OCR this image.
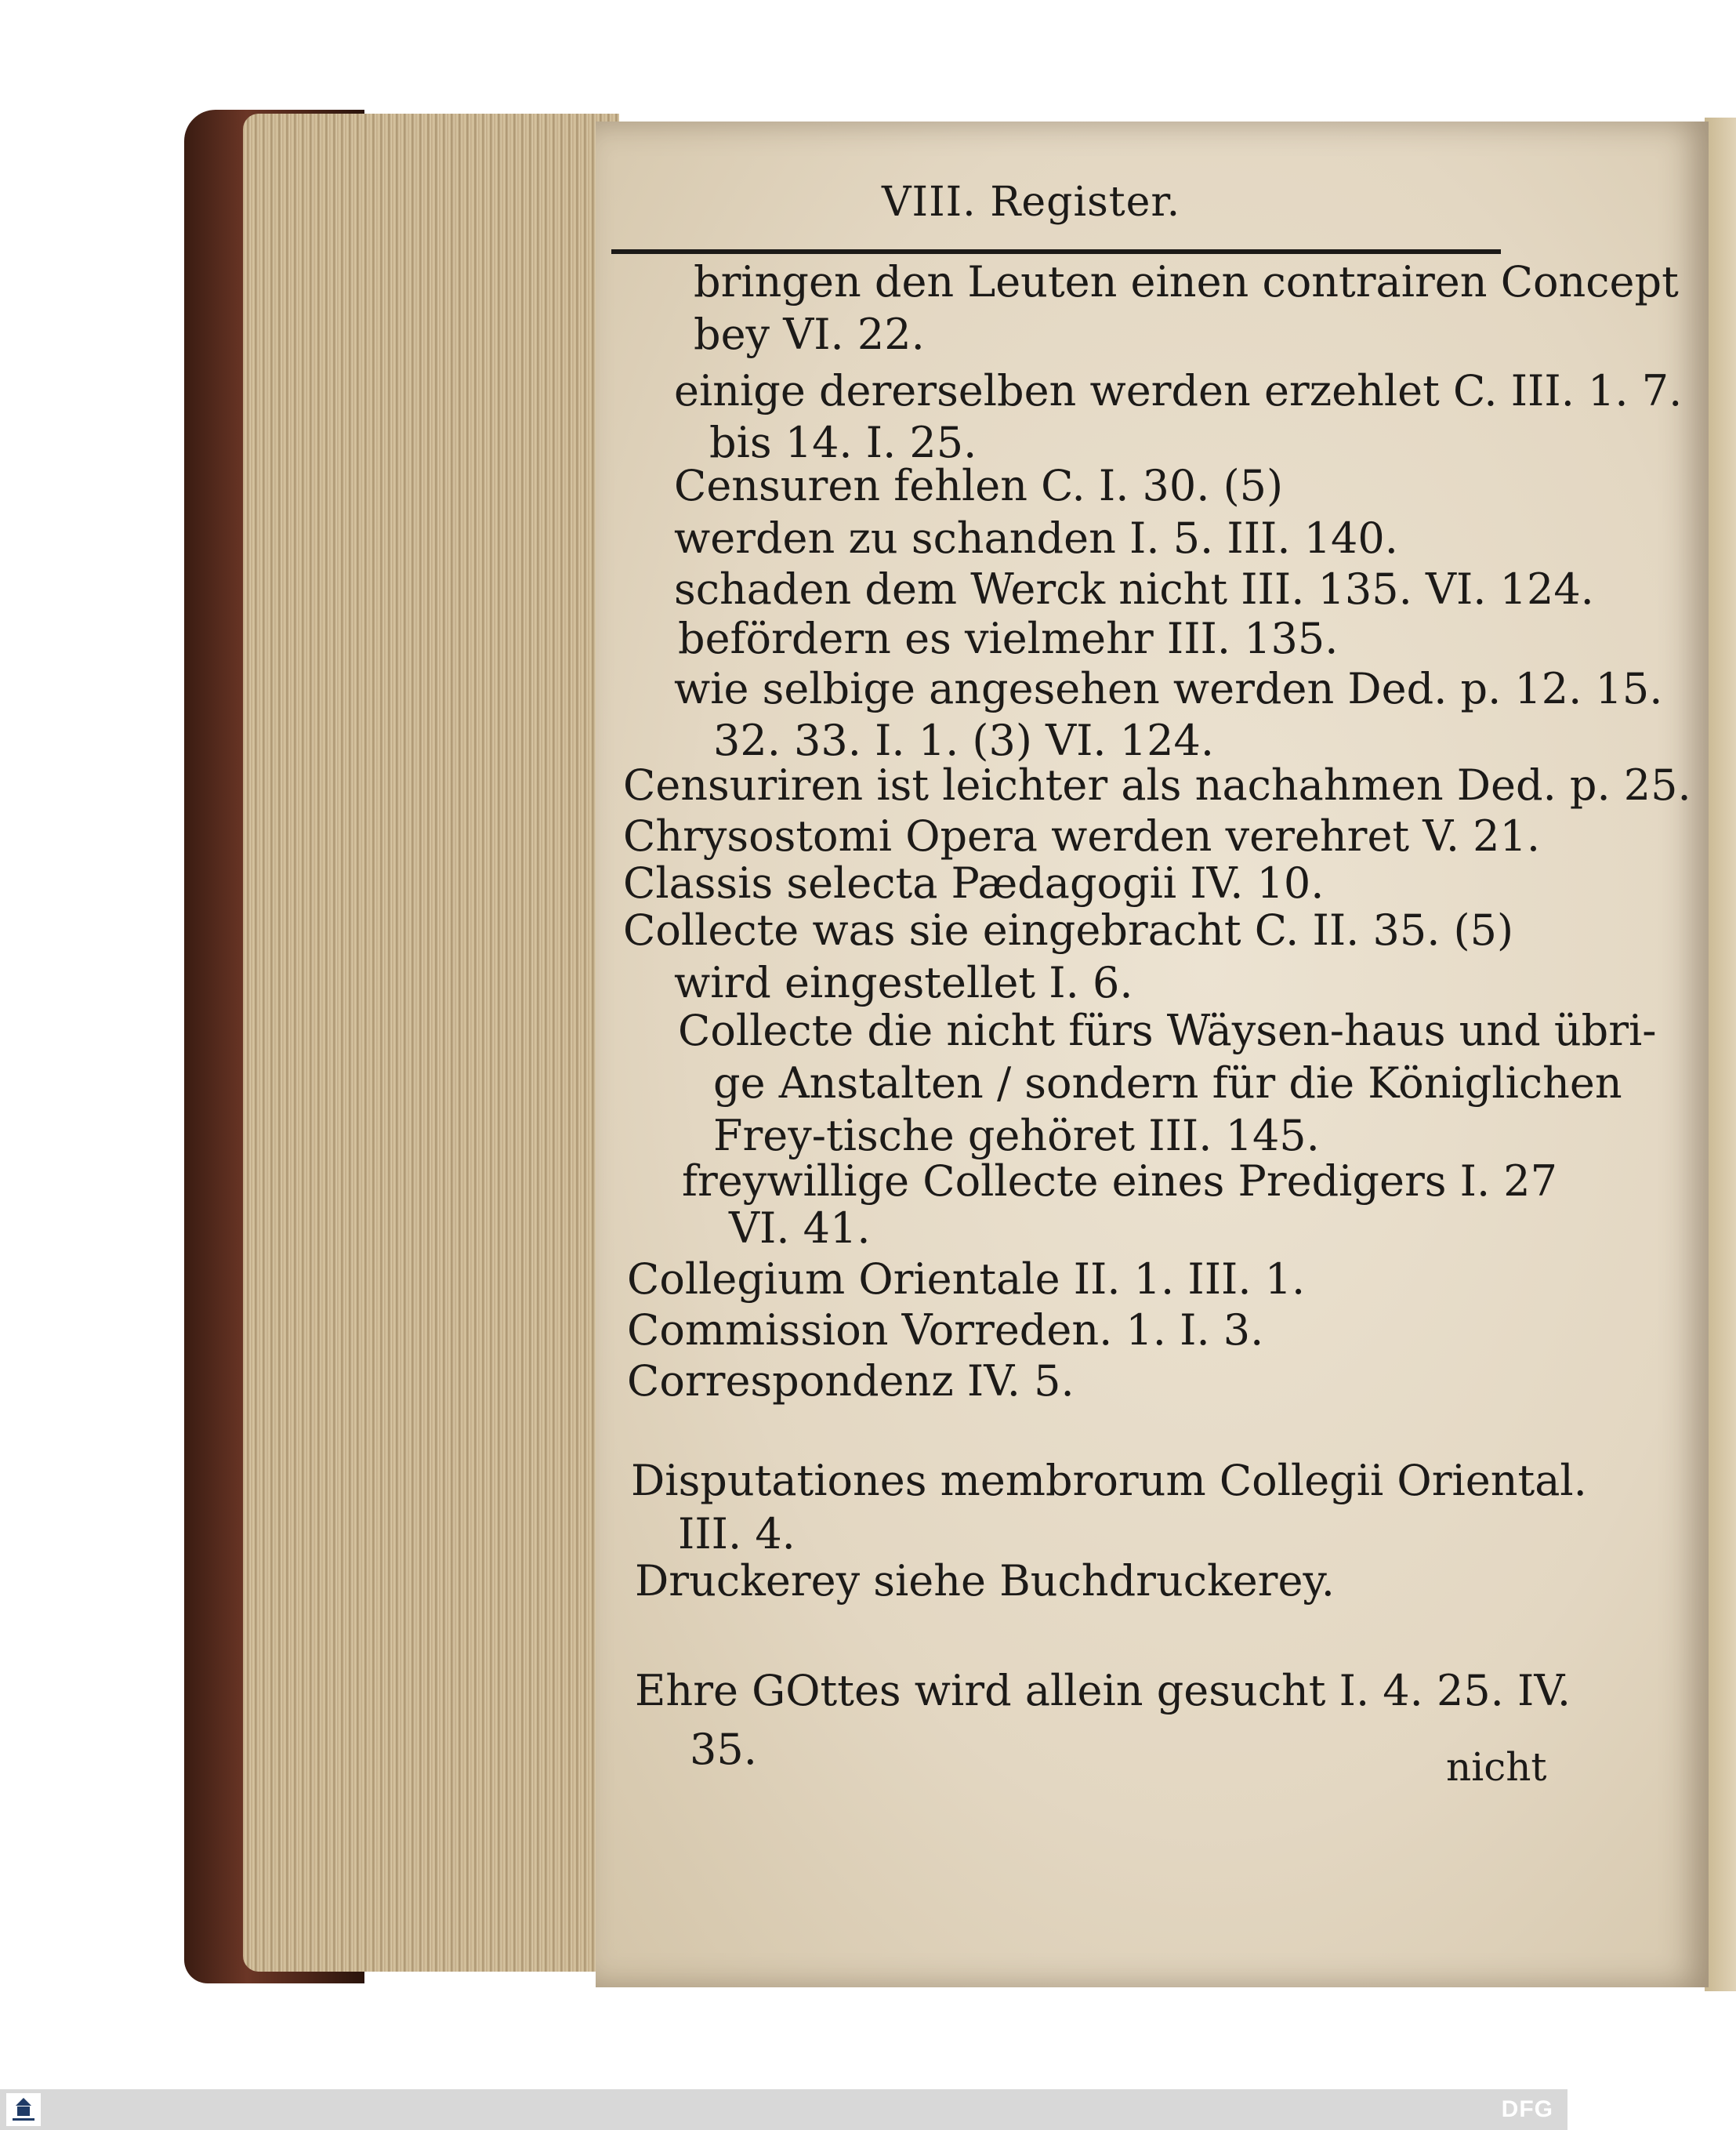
VIII. Register.
bringen den Leuten einen contrairen Concept
bey VI. 22.
einige dererselben werden erzehlet C. III. 1. 7.
bis 14. I. 25.
Censuren fehlen C. I. 30. (5)
werden zu schanden I. 5. III. 140.
schaden dem Werck nicht III. 135. VI. 124.
befördern es vielmehr III. 135.
wie selbige angesehen werden Ded. p. 12. 15.
32. 33. I. 1. (3) VI. 124.
Censuriren ist leichter als nachahmen Ded. p. 25.
Chrysostomi Opera werden verehret V. 21.
Classis selecta Pædagogii IV. 10.
Collecte was sie eingebracht C. II. 35. (5)
wird eingestellet I. 6.
Collecte die nicht fürs Wäysen-haus und übri-
ge Anstalten / sondern für die Königlichen
Frey-tische gehöret III. 145.
freywillige Collecte eines Predigers I. 27
VI. 41.
Collegium Orientale II. 1. III. 1.
Commission Vorreden. 1. I. 3.
Correspondenz IV. 5.
Disputationes membrorum Collegii Oriental.
III. 4.
Druckerey siehe Buchdruckerey.
Ehre GOttes wird allein gesucht I. 4. 25. IV.
35.	nicht
DFG
